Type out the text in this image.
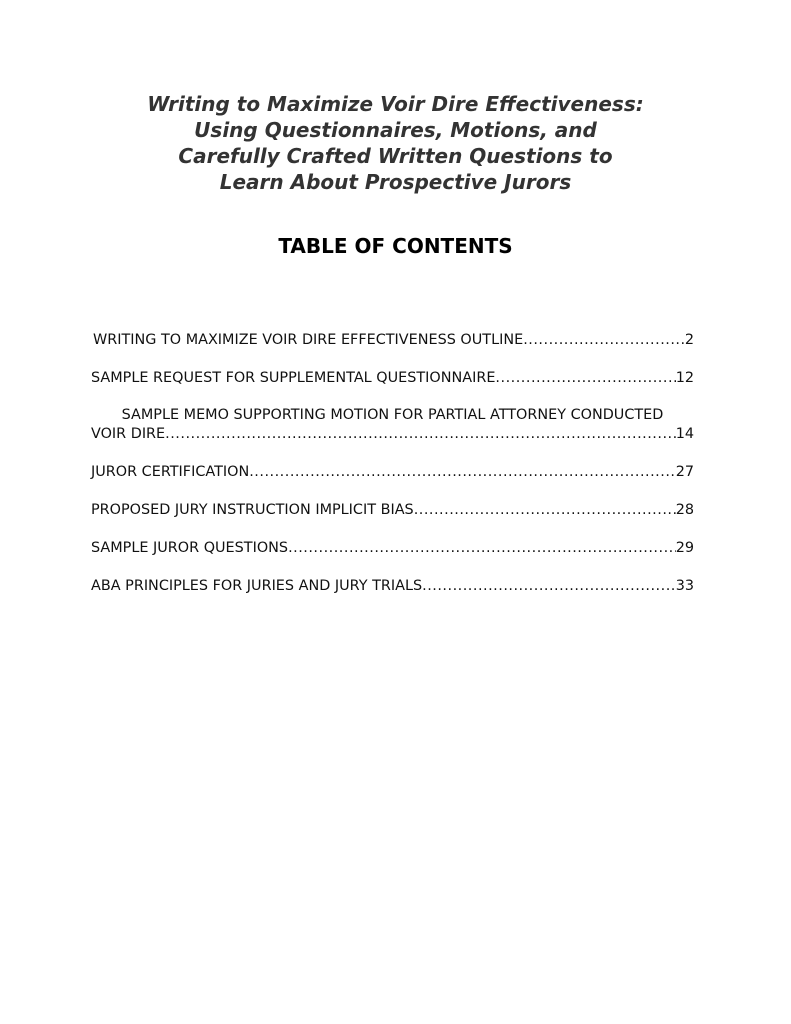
Writing to Maximize Voir Dire Effectiveness:
Using Questionnaires, Motions, and
Carefully Crafted Written Questions to
Learn About Prospective Jurors
TABLE OF CONTENTS
WRITING TO MAXIMIZE VOIR DIRE EFFECTIVENESS OUTLINE .....	2
SAMPLE REQUEST FOR SUPPLEMENTAL QUESTIONNAIRE .....	12
SAMPLE MEMO SUPPORTING MOTION FOR PARTIAL ATTORNEY CONDUCTED
VOIR DIRE .....	14
JUROR CERTIFICATION .....	27
PROPOSED JURY INSTRUCTION IMPLICIT BIAS .....	28
SAMPLE JUROR QUESTIONS .....	29
ABA PRINCIPLES FOR JURIES AND JURY TRIALS .....	33
